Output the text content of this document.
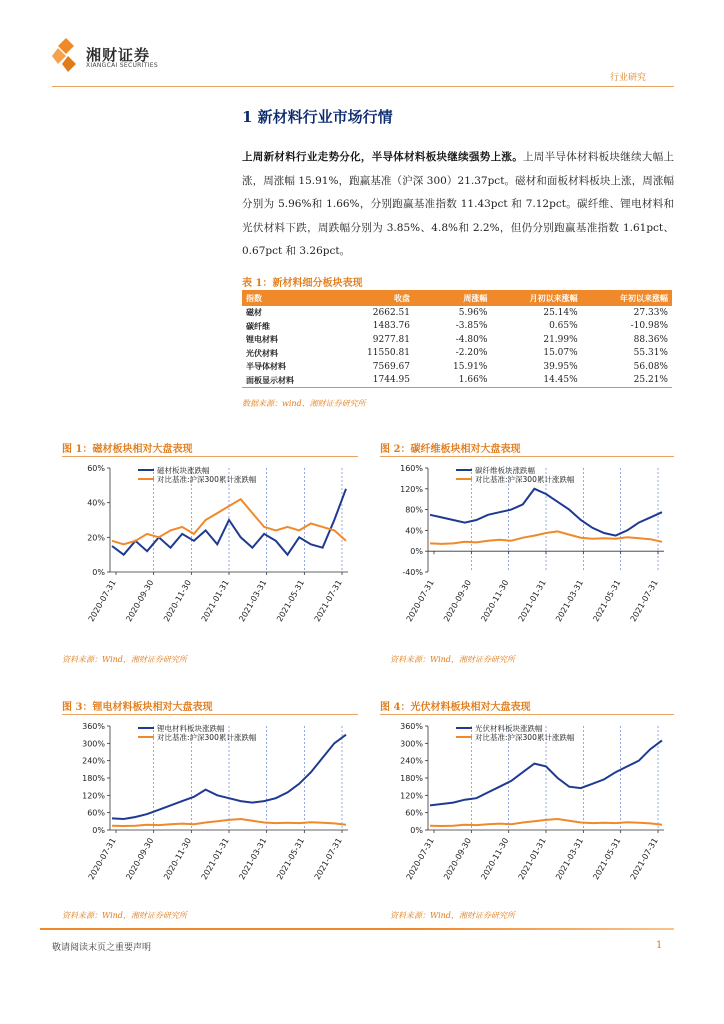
湘财证券
XIANGCAI SECURITIES
行业研究
1 新材料行业市场行情
上周新材料行业走势分化，半导体材料板块继续强势上涨。上周半导体材料板块继续大幅上涨，周涨幅 15.91%，跑赢基准（沪深 300）21.37pct。磁材和面板材料板块上涨，周涨幅分别为 5.96%和 1.66%，分别跑赢基准指数 11.43pct 和 7.12pct。碳纤维、锂电材料和光伏材料下跌，周跌幅分别为 3.85%、4.8%和 2.2%，但仍分别跑赢基准指数 1.61pct、0.67pct 和 3.26pct。
表 1：新材料细分板块表现
指数	收盘	周涨幅	月初以来涨幅	年初以来涨幅
磁材	2662.51	5.96%	25.14%	27.33%
碳纤维	1483.76	-3.85%	0.65%	-10.98%
锂电材料	9277.81	-4.80%	21.99%	88.36%
光伏材料	11550.81	-2.20%	15.07%	55.31%
半导体材料	7569.67	15.91%	39.95%	56.08%
面板显示材料	1744.95	1.66%	14.45%	25.21%
数据来源：wind、湘财证券研究所
图 1：磁材板块相对大盘表现
资料来源：Wind，湘财证券研究所
图 2：碳纤维板块相对大盘表现
资料来源：Wind，湘财证券研究所
图 3：锂电材料板块相对大盘表现
资料来源：Wind，湘财证券研究所
图 4：光伏材料板块相对大盘表现
资料来源：Wind，湘财证券研究所
0%
20%
40%
60%
2020-07-31 2020-09-30 2020-11-30 2021-01-31 2021-03-31 2021-05-31 2021-07-31
磁材板块涨跌幅
对比基准:沪深300累计涨跌幅
-40%
0%
40%
80%
120%
160%
2020-07-31 2020-09-30 2020-11-30 2021-01-31 2021-03-31 2021-05-31 2021-07-31
碳纤维板块涨跌幅
对比基准:沪深300累计涨跌幅
0%
60%
120%
180%
240%
300%
360%
2020-07-31 2020-09-30 2020-11-30 2021-01-31 2021-03-31 2021-05-31 2021-07-31
锂电材料板块涨跌幅
对比基准:沪深300累计涨跌幅
0%
60%
120%
180%
240%
300%
360%
2020-07-31 2020-09-30 2020-11-30 2021-01-31 2021-03-31 2021-05-31 2021-07-31
光伏材料板块涨跌幅
对比基准:沪深300累计涨跌幅
敬请阅读末页之重要声明	1
